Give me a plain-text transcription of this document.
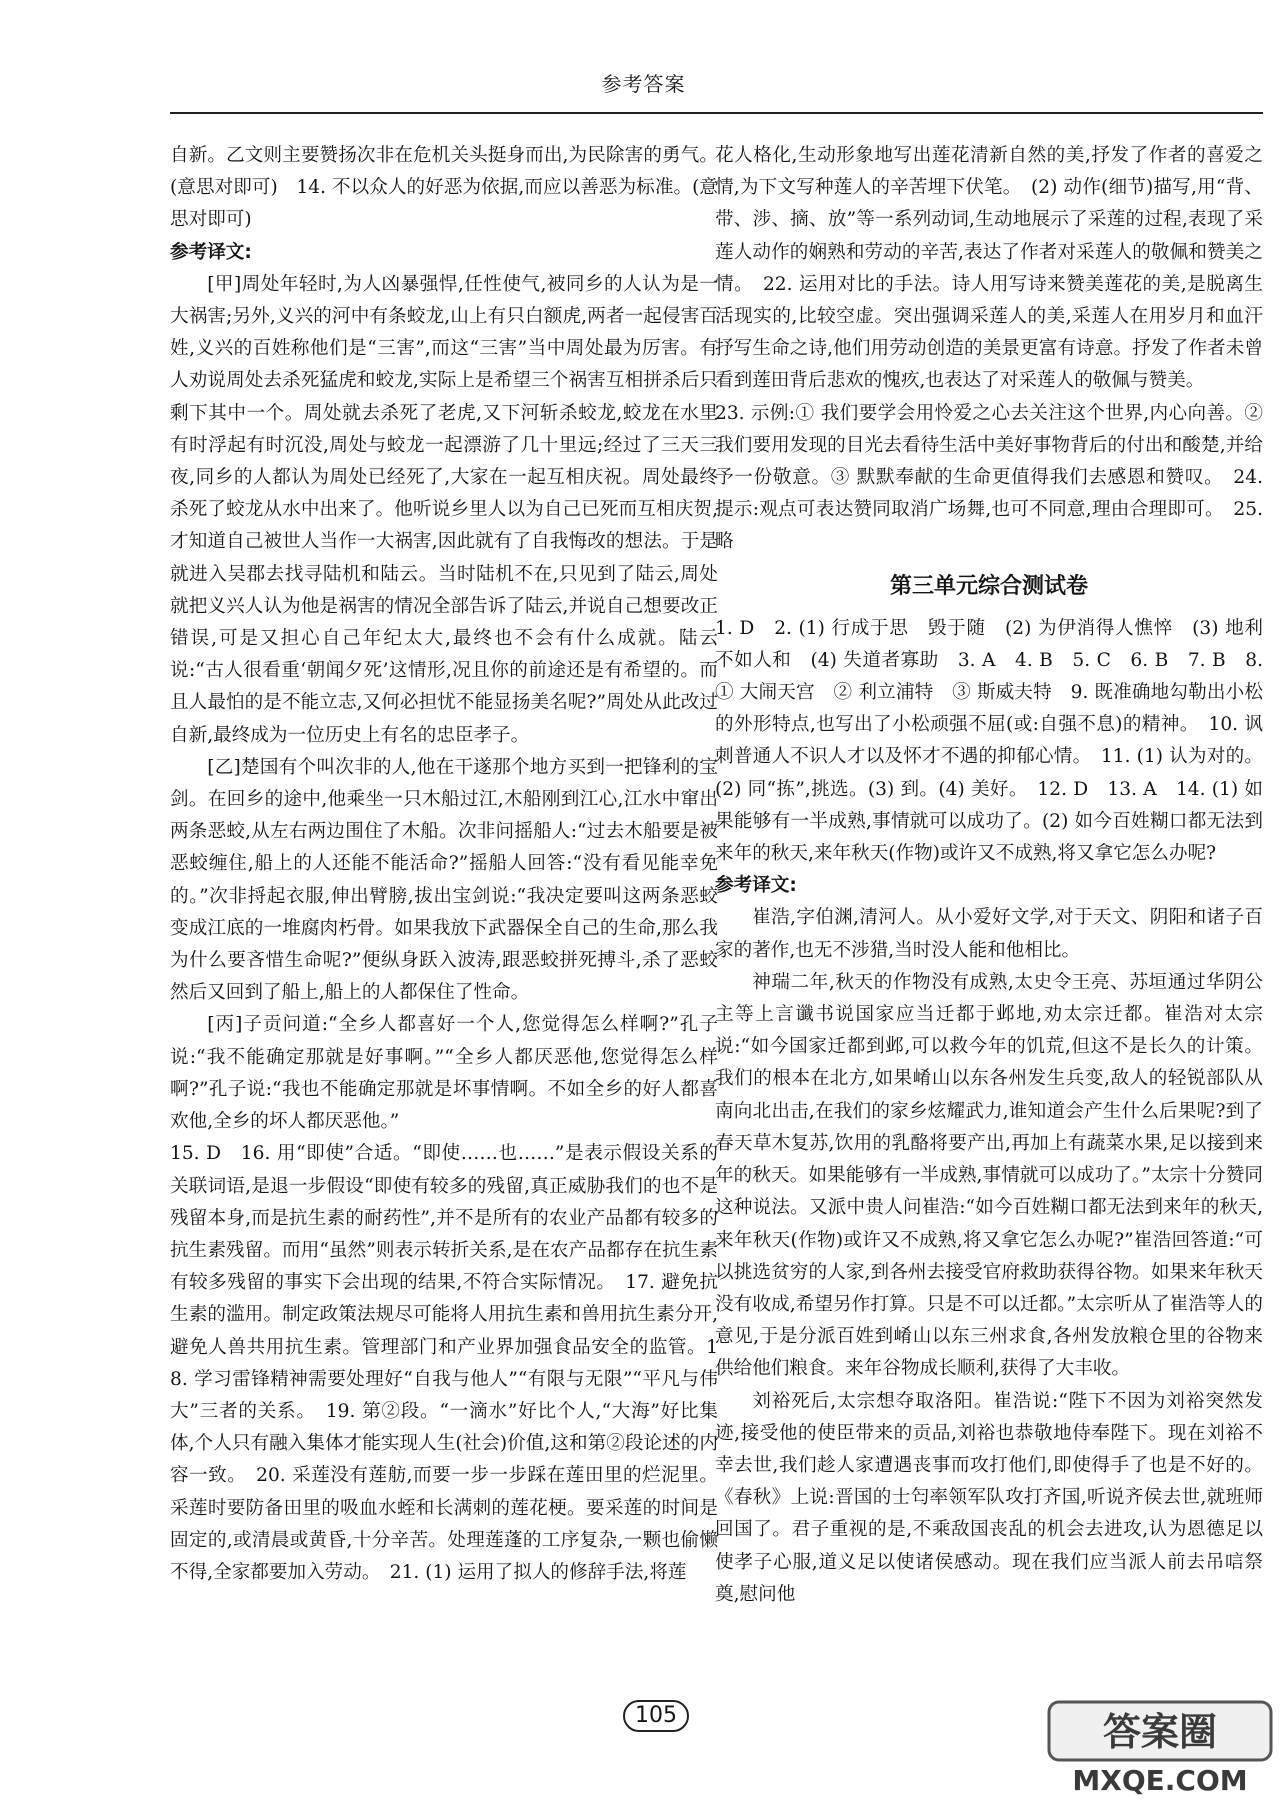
参考答案

自新。乙文则主要赞扬次非在危机关头挺身而出,为民除害的勇气。(意思对即可)　14. 不以众人的好恶为依据,而应以善恶为标准。(意思对即可)

参考译文:

[甲]周处年轻时,为人凶暴强悍,任性使气,被同乡的人认为是一大祸害;另外,义兴的河中有条蛟龙,山上有只白额虎,两者一起侵害百姓,义兴的百姓称他们是“三害”,而这“三害”当中周处最为厉害。有人劝说周处去杀死猛虎和蛟龙,实际上是希望三个祸害互相拼杀后只剩下其中一个。周处就去杀死了老虎,又下河斩杀蛟龙,蛟龙在水里有时浮起有时沉没,周处与蛟龙一起漂游了几十里远;经过了三天三夜,同乡的人都认为周处已经死了,大家在一起互相庆祝。周处最终杀死了蛟龙从水中出来了。他听说乡里人以为自己已死而互相庆贺,才知道自己被世人当作一大祸害,因此就有了自我悔改的想法。于是就进入吴郡去找寻陆机和陆云。当时陆机不在,只见到了陆云,周处就把义兴人认为他是祸害的情况全部告诉了陆云,并说自己想要改正错误,可是又担心自己年纪太大,最终也不会有什么成就。陆云说:“古人很看重‘朝闻夕死’这情形,况且你的前途还是有希望的。而且人最怕的是不能立志,又何必担忧不能显扬美名呢?”周处从此改过自新,最终成为一位历史上有名的忠臣孝子。

[乙]楚国有个叫次非的人,他在干遂那个地方买到一把锋利的宝剑。在回乡的途中,他乘坐一只木船过江,木船刚到江心,江水中窜出两条恶蛟,从左右两边围住了木船。次非问摇船人:“过去木船要是被恶蛟缠住,船上的人还能不能活命?”摇船人回答:“没有看见能幸免的。”次非捋起衣服,伸出臂膀,拔出宝剑说:“我决定要叫这两条恶蛟变成江底的一堆腐肉朽骨。如果我放下武器保全自己的生命,那么我为什么要吝惜生命呢?”便纵身跃入波涛,跟恶蛟拼死搏斗,杀了恶蛟然后又回到了船上,船上的人都保住了性命。

[丙]子贡问道:“全乡人都喜好一个人,您觉得怎么样啊?”孔子说:“我不能确定那就是好事啊。”“全乡人都厌恶他,您觉得怎么样啊?”孔子说:“我也不能确定那就是坏事情啊。不如全乡的好人都喜欢他,全乡的坏人都厌恶他。”

15. D　16. 用“即使”合适。“即使……也……”是表示假设关系的关联词语,是退一步假设“即使有较多的残留,真正威胁我们的也不是残留本身,而是抗生素的耐药性”,并不是所有的农业产品都有较多的抗生素残留。而用“虽然”则表示转折关系,是在农产品都存在抗生素有较多残留的事实下会出现的结果,不符合实际情况。　17. 避免抗生素的滥用。制定政策法规尽可能将人用抗生素和兽用抗生素分开,避免人兽共用抗生素。管理部门和产业界加强食品安全的监管。18. 学习雷锋精神需要处理好“自我与他人”“有限与无限”“平凡与伟大”三者的关系。　19. 第②段。“一滴水”好比个人,“大海”好比集体,个人只有融入集体才能实现人生(社会)价值,这和第②段论述的内容一致。　20. 采莲没有莲舫,而要一步一步踩在莲田里的烂泥里。采莲时要防备田里的吸血水蛭和长满刺的莲花梗。要采莲的时间是固定的,或清晨或黄昏,十分辛苦。处理莲蓬的工序复杂,一颗也偷懒不得,全家都要加入劳动。　21. (1) 运用了拟人的修辞手法,将莲

花人格化,生动形象地写出莲花清新自然的美,抒发了作者的喜爱之情,为下文写种莲人的辛苦埋下伏笔。　(2) 动作(细节)描写,用“背、带、涉、摘、放”等一系列动词,生动地展示了采莲的过程,表现了采莲人动作的娴熟和劳动的辛苦,表达了作者对采莲人的敬佩和赞美之情。　22. 运用对比的手法。诗人用写诗来赞美莲花的美,是脱离生活现实的,比较空虚。突出强调采莲人的美,采莲人在用岁月和血汗抒写生命之诗,他们用劳动创造的美景更富有诗意。抒发了作者未曾看到莲田背后悲欢的愧疚,也表达了对采莲人的敬佩与赞美。

23. 示例:① 我们要学会用怜爱之心去关注这个世界,内心向善。② 我们要用发现的目光去看待生活中美好事物背后的付出和酸楚,并给予一份敬意。③ 默默奉献的生命更值得我们去感恩和赞叹。　24. 提示:观点可表达赞同取消广场舞,也可不同意,理由合理即可。　25. 略

第三单元综合测试卷

1. D　2. (1) 行成于思　毁于随　(2) 为伊消得人憔悴　(3) 地利不如人和　(4) 失道者寡助　3. A　4. B　5. C　6. B　7. B　8. ① 大闹天宫　② 利立浦特　③ 斯威夫特　9. 既准确地勾勒出小松的外形特点,也写出了小松顽强不屈(或:自强不息)的精神。　10. 讽刺普通人不识人才以及怀才不遇的抑郁心情。　11. (1) 认为对的。(2) 同“拣”,挑选。(3) 到。(4) 美好。　12. D　13. A　14. (1) 如果能够有一半成熟,事情就可以成功了。(2) 如今百姓糊口都无法到来年的秋天,来年秋天(作物)或许又不成熟,将又拿它怎么办呢?

参考译文:

崔浩,字伯渊,清河人。从小爱好文学,对于天文、阴阳和诸子百家的著作,也无不涉猎,当时没人能和他相比。

神瑞二年,秋天的作物没有成熟,太史令王亮、苏垣通过华阴公主等上言谶书说国家应当迁都于邺地,劝太宗迁都。崔浩对太宗说:“如今国家迁都到邺,可以救今年的饥荒,但这不是长久的计策。我们的根本在北方,如果崤山以东各州发生兵变,敌人的轻锐部队从南向北出击,在我们的家乡炫耀武力,谁知道会产生什么后果呢?到了春天草木复苏,饮用的乳酪将要产出,再加上有蔬菜水果,足以接到来年的秋天。如果能够有一半成熟,事情就可以成功了。”太宗十分赞同这种说法。又派中贵人问崔浩:“如今百姓糊口都无法到来年的秋天,来年秋天(作物)或许又不成熟,将又拿它怎么办呢?”崔浩回答道:“可以挑选贫穷的人家,到各州去接受官府救助获得谷物。如果来年秋天没有收成,希望另作打算。只是不可以迁都。”太宗听从了崔浩等人的意见,于是分派百姓到崤山以东三州求食,各州发放粮仓里的谷物来供给他们粮食。来年谷物成长顺利,获得了大丰收。

刘裕死后,太宗想夺取洛阳。崔浩说:“陛下不因为刘裕突然发迹,接受他的使臣带来的贡品,刘裕也恭敬地侍奉陛下。现在刘裕不幸去世,我们趁人家遭遇丧事而攻打他们,即使得手了也是不好的。《春秋》上说:晋国的士匄率领军队攻打齐国,听说齐侯去世,就班师回国了。君子重视的是,不乘敌国丧乱的机会去进攻,认为恩德足以使孝子心服,道义足以使诸侯感动。现在我们应当派人前去吊唁祭奠,慰问他

105	答案圈
MXQE.COM
